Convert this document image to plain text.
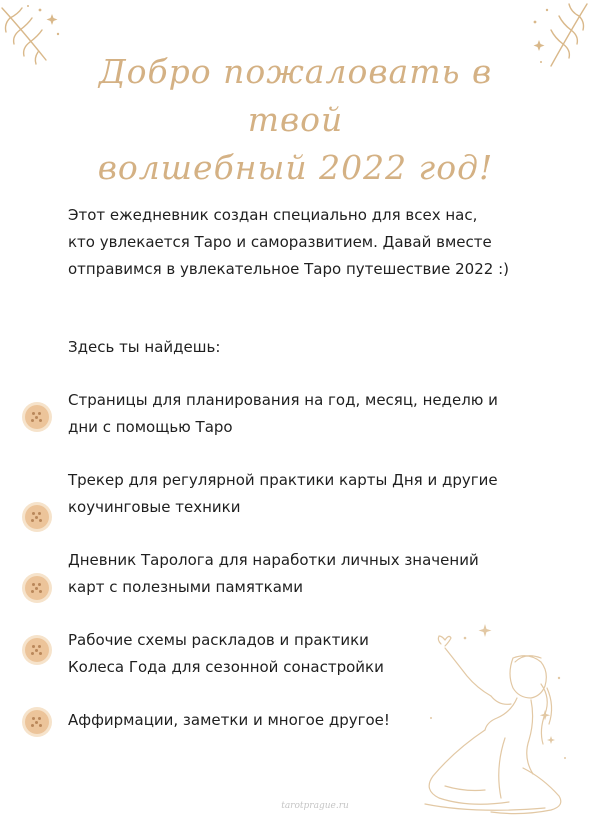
Добро пожаловать в твой
волшебный 2022 год!
Этот ежедневник создан специально для всех нас,
кто увлекается Таро и саморазвитием. Давай вместе
отправимся в увлекательное Таро путешествие 2022 :)
Здесь ты найдешь:
Страницы для планирования на год, месяц, неделю и
дни с помощью Таро
Трекер для регулярной практики карты Дня и другие
коучинговые техники
Дневник Таролога для наработки личных значений
карт с полезными памятками
Рабочие схемы раскладов и практики
Колеса Года для сезонной сонастройки
Аффирмации, заметки и многое другое!
tarotprague.ru
